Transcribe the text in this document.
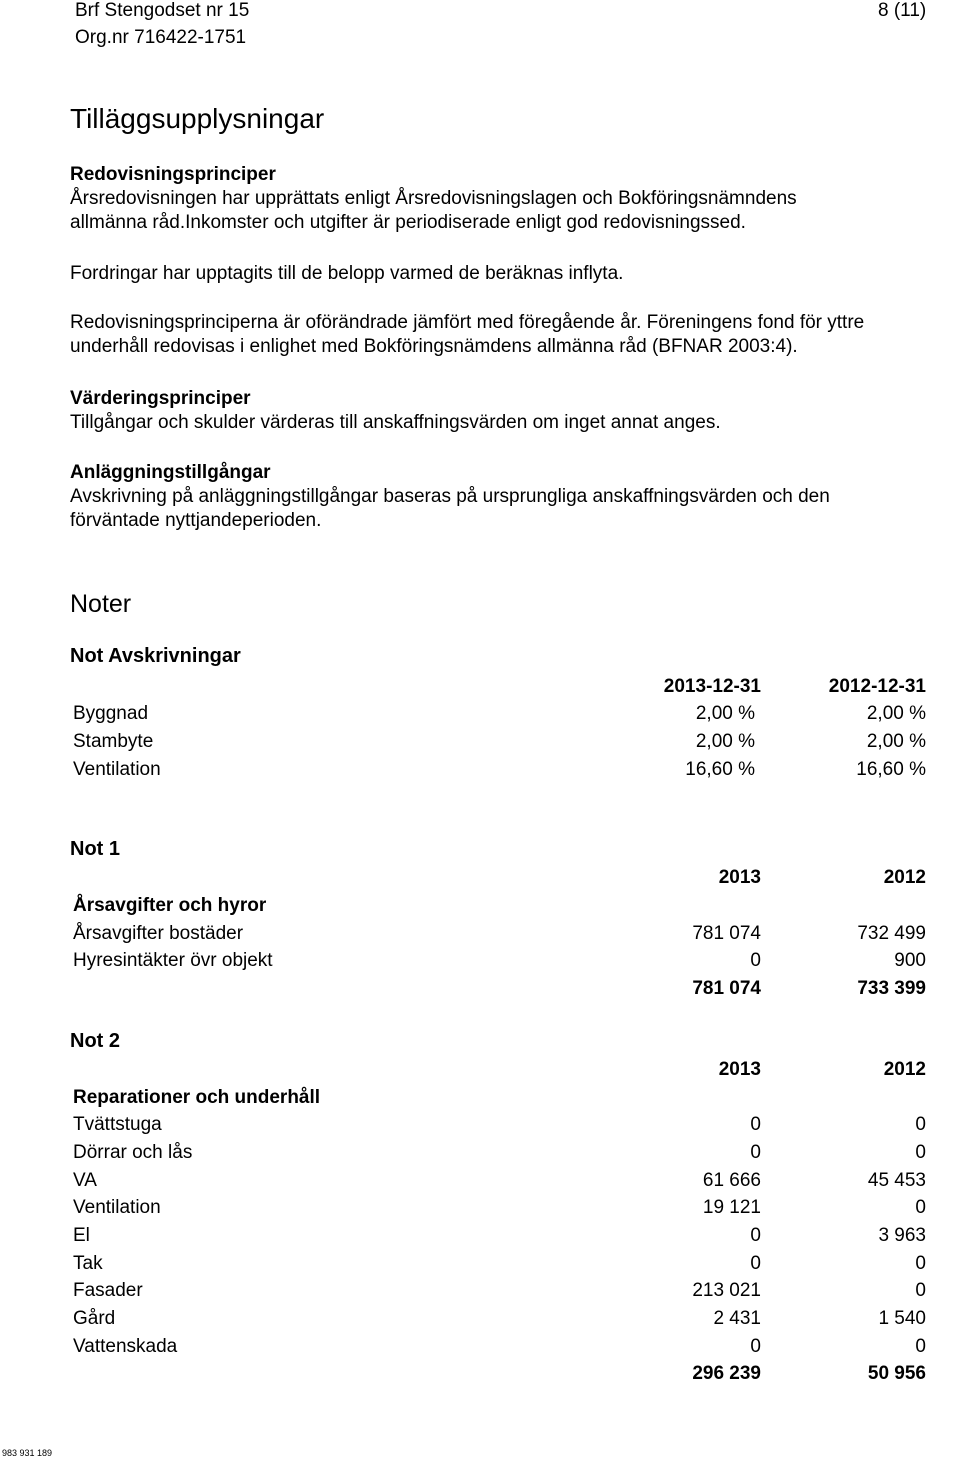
Brf Stengodset nr 15
Org.nr 716422-1751
8 (11)
Tilläggsupplysningar
Redovisningsprinciper
Årsredovisningen har upprättats enligt Årsredovisningslagen och Bokföringsnämndens
allmänna råd.Inkomster och utgifter är periodiserade enligt god redovisningssed.
Fordringar har upptagits till de belopp varmed de beräknas inflyta.
Redovisningsprinciperna är oförändrade jämfört med föregående år. Föreningens fond för yttre
underhåll redovisas i enlighet med Bokföringsnämdens allmänna råd (BFNAR 2003:4).
Värderingsprinciper
Tillgångar och skulder värderas till anskaffningsvärden om inget annat anges.
Anläggningstillgångar
Avskrivning på anläggningstillgångar baseras på ursprungliga anskaffningsvärden och den
förväntade nyttjandeperioden.
Noter
Not Avskrivningar
2013-12-31	2012-12-31
Byggnad	2,00 %	2,00 %
Stambyte	2,00 %	2,00 %
Ventilation	16,60 %	16,60 %
Not 1
2013	2012
Årsavgifter och hyror
Årsavgifter bostäder	781 074	732 499
Hyresintäkter övr objekt	0	900
781 074	733 399
Not 2
2013	2012
Reparationer och underhåll
Tvättstuga	0	0
Dörrar och lås	0	0
VA	61 666	45 453
Ventilation	19 121	0
El	0	3 963
Tak	0	0
Fasader	213 021	0
Gård	2 431	1 540
Vattenskada	0	0
296 239	50 956
983 931 189
